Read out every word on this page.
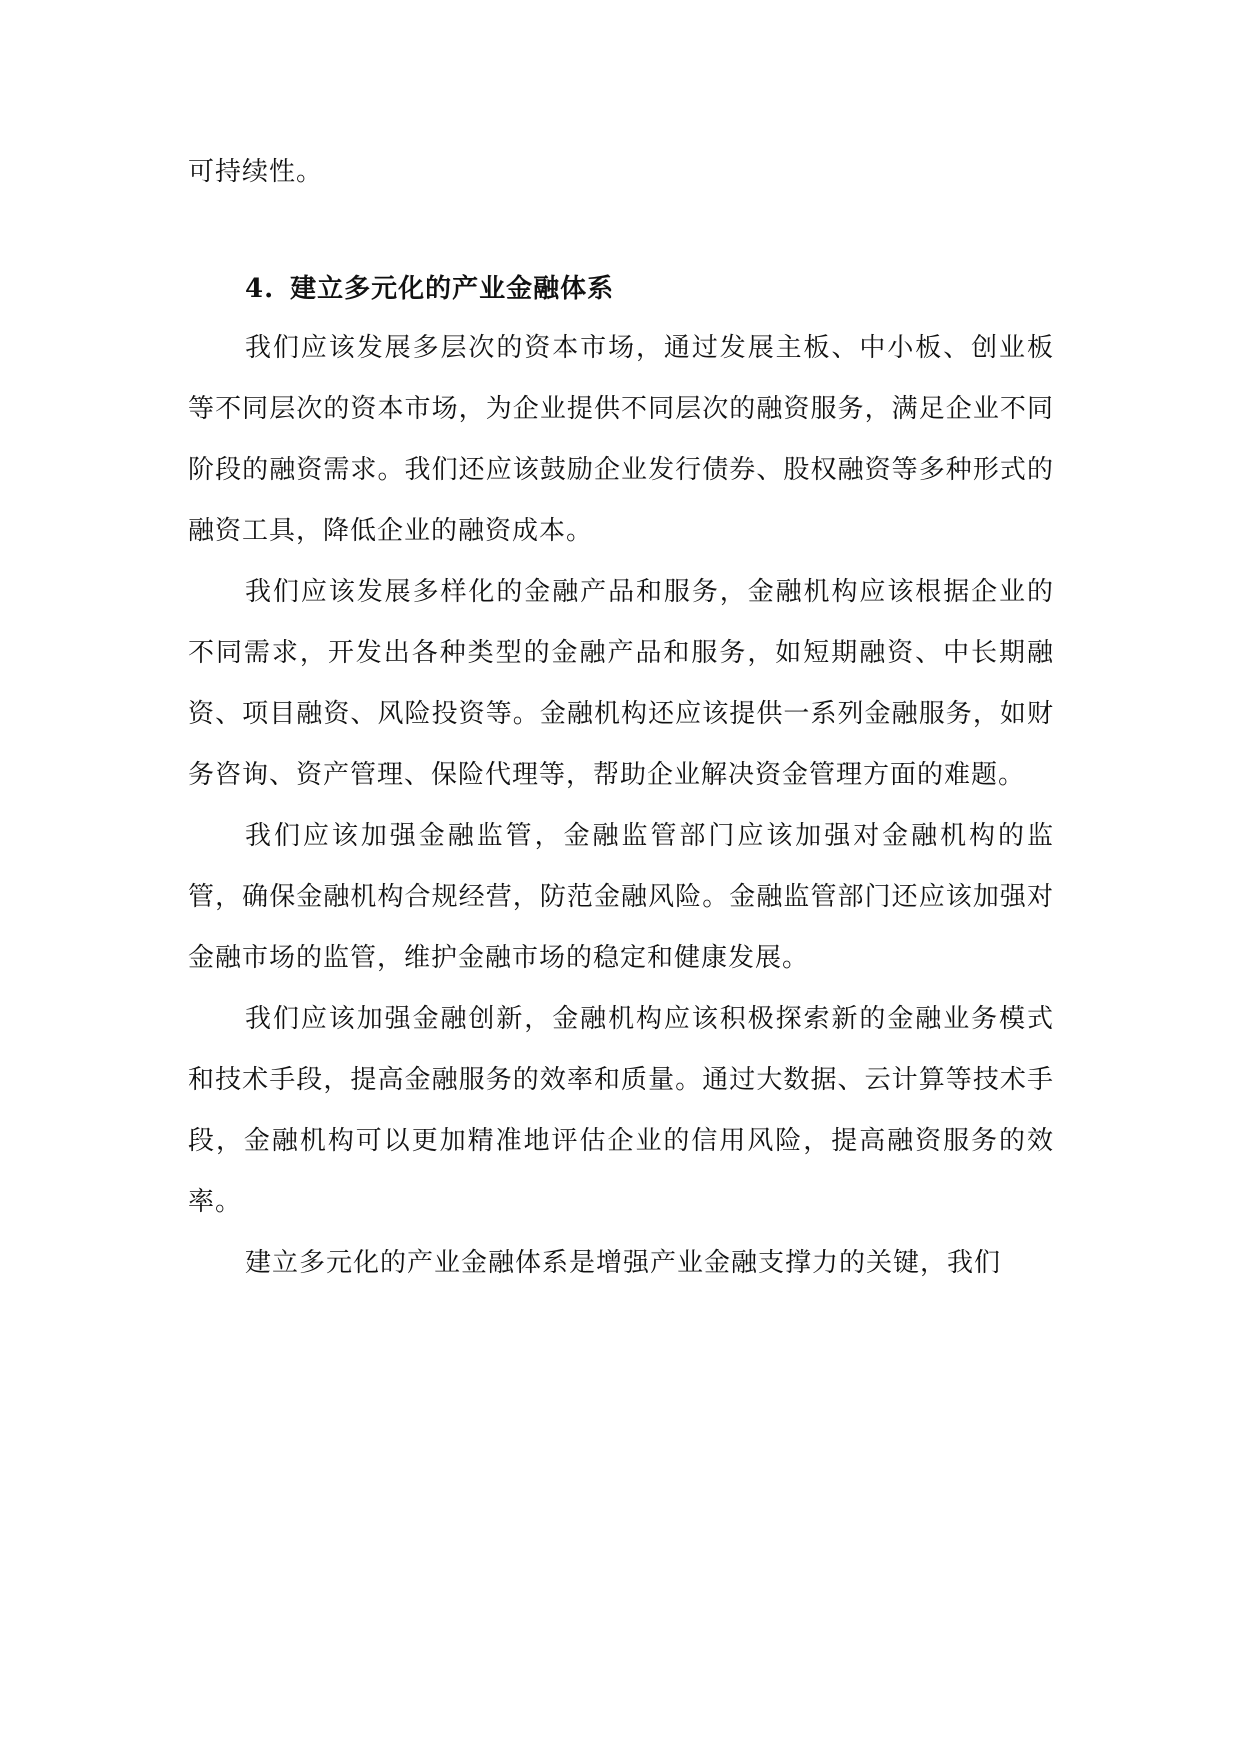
可持续性。

4. 建立多元化的产业金融体系

我们应该发展多层次的资本市场，通过发展主板、中小板、创业板等不同层次的资本市场，为企业提供不同层次的融资服务，满足企业不同阶段的融资需求。我们还应该鼓励企业发行债券、股权融资等多种形式的融资工具，降低企业的融资成本。

我们应该发展多样化的金融产品和服务，金融机构应该根据企业的不同需求，开发出各种类型的金融产品和服务，如短期融资、中长期融资、项目融资、风险投资等。金融机构还应该提供一系列金融服务，如财务咨询、资产管理、保险代理等，帮助企业解决资金管理方面的难题。

我们应该加强金融监管，金融监管部门应该加强对金融机构的监管，确保金融机构合规经营，防范金融风险。金融监管部门还应该加强对金融市场的监管，维护金融市场的稳定和健康发展。

我们应该加强金融创新，金融机构应该积极探索新的金融业务模式和技术手段，提高金融服务的效率和质量。通过大数据、云计算等技术手段，金融机构可以更加精准地评估企业的信用风险，提高融资服务的效率。

建立多元化的产业金融体系是增强产业金融支撑力的关键，我们
